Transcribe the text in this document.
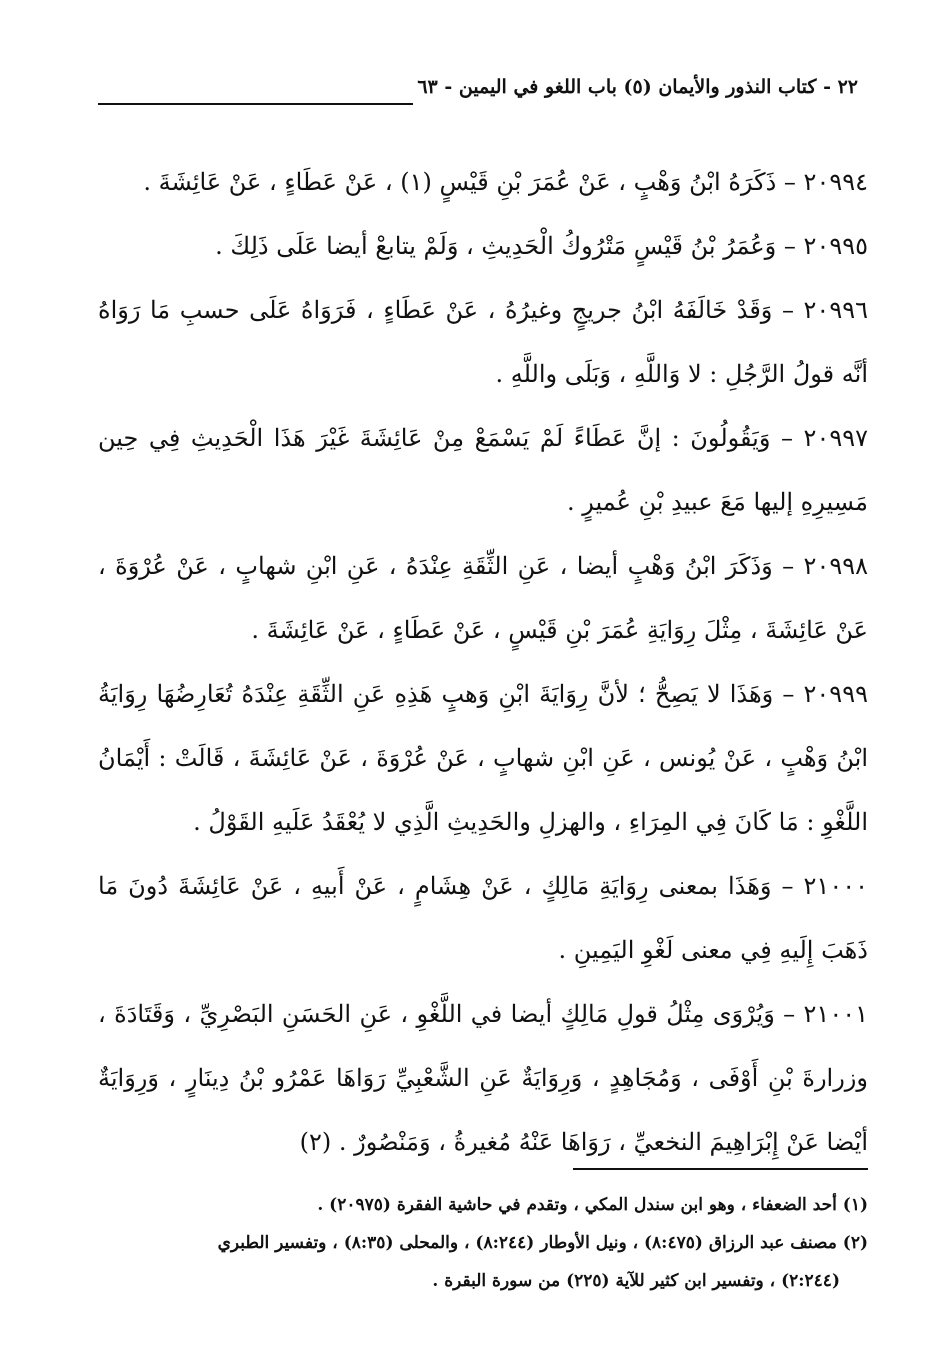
٢٢ - كتاب النذور والأيمان (٥) باب اللغو في اليمين - ٦٣

٢٠٩٩٤ – ذَكَرَهُ ابْنُ وَهْبٍ ، عَنْ عُمَرَ بْنِ قَيْسٍ (١) ، عَنْ عَطَاءٍ ، عَنْ عَائِشَةَ .

٢٠٩٩٥ – وَعُمَرُ بْنُ قَيْسٍ مَتْرُوكُ الْحَدِيثِ ، وَلَمْ يتابعْ أيضا عَلَى ذَلِكَ .

٢٠٩٩٦ – وَقَدْ خَالَفَهُ ابْنُ جريجٍ وغيرُهُ ، عَنْ عَطَاءٍ ، فَرَوَاهُ عَلَى حسبِ مَا رَوَاهُ أنَّه قولُ الرَّجُلِ : لا وَاللَّهِ ، وَبَلَى واللَّهِ .

٢٠٩٩٧ – وَيَقُولُونَ : إنَّ عَطَاءً لَمْ يَسْمَعْ مِنْ عَائِشَةَ غَيْرَ هَذَا الْحَدِيثِ فِي حِين مَسِيرِهِ إليها مَعَ عبيدِ بْنِ عُميرٍ .

٢٠٩٩٨ – وَذَكَرَ ابْنُ وَهْبٍ أيضا ، عَنِ الثِّقَةِ عِنْدَهُ ، عَنِ ابْنِ شهابٍ ، عَنْ عُرْوَةَ ، عَنْ عَائِشَةَ ، مِثْلَ رِوَايَةِ عُمَرَ بْنِ قَيْسٍ ، عَنْ عَطَاءٍ ، عَنْ عَائِشَةَ .

٢٠٩٩٩ – وَهَذَا لا يَصِحُّ ؛ لأنَّ رِوَايَةَ ابْنِ وَهبٍ هَذِهِ عَنِ الثِّقَةِ عِنْدَهُ تُعَارِضُهَا رِوَايَةُ ابْنُ وَهْبٍ ، عَنْ يُونس ، عَنِ ابْنِ شهابٍ ، عَنْ عُرْوَةَ ، عَنْ عَائِشَةَ ، قَالَتْ : أَيْمَانُ اللَّغْوِ : مَا كَانَ فِي المِرَاءِ ، والهزلِ والحَدِيثِ الَّذِي لا يُعْقَدُ عَلَيهِ القَوْلُ .

٢١٠٠٠ – وَهَذَا بمعنى رِوَايَةِ مَالِكٍ ، عَنْ هِشَامٍ ، عَنْ أَبيهِ ، عَنْ عَائِشَةَ دُونَ مَا ذَهَبَ إِلَيهِ فِي معنى لَغْوِ اليَمِينِ .

٢١٠٠١ – وَيُرْوَى مِثْلُ قولِ مَالِكٍ أيضا في اللَّغْوِ ، عَنِ الحَسَنِ البَصْرِيِّ ، وَقَتَادَةَ ، وزرارةَ بْنِ أَوْفَى ، وَمُجَاهِدٍ ، وَرِوَايَةٌ عَنِ الشَّعْبِيِّ رَوَاهَا عَمْرُو بْنُ دِينَارٍ ، وَرِوَايَةٌ أيْضا عَنْ إِبْرَاهِيمَ النخعيِّ ، رَوَاهَا عَنْهُ مُغيرةُ ، وَمَنْصُورٌ . (٢)

(١) أحد الضعفاء ، وهو ابن سندل المكي ، وتقدم في حاشية الفقرة (٢٠٩٧٥) .

(٢) مصنف عبد الرزاق (٨:٤٧٥) ، ونيل الأوطار (٨:٢٤٤) ، والمحلى (٨:٣٥) ، وتفسير الطبري

(٢:٢٤٤) ، وتفسير ابن كثير للآية (٢٢٥) من سورة البقرة .
